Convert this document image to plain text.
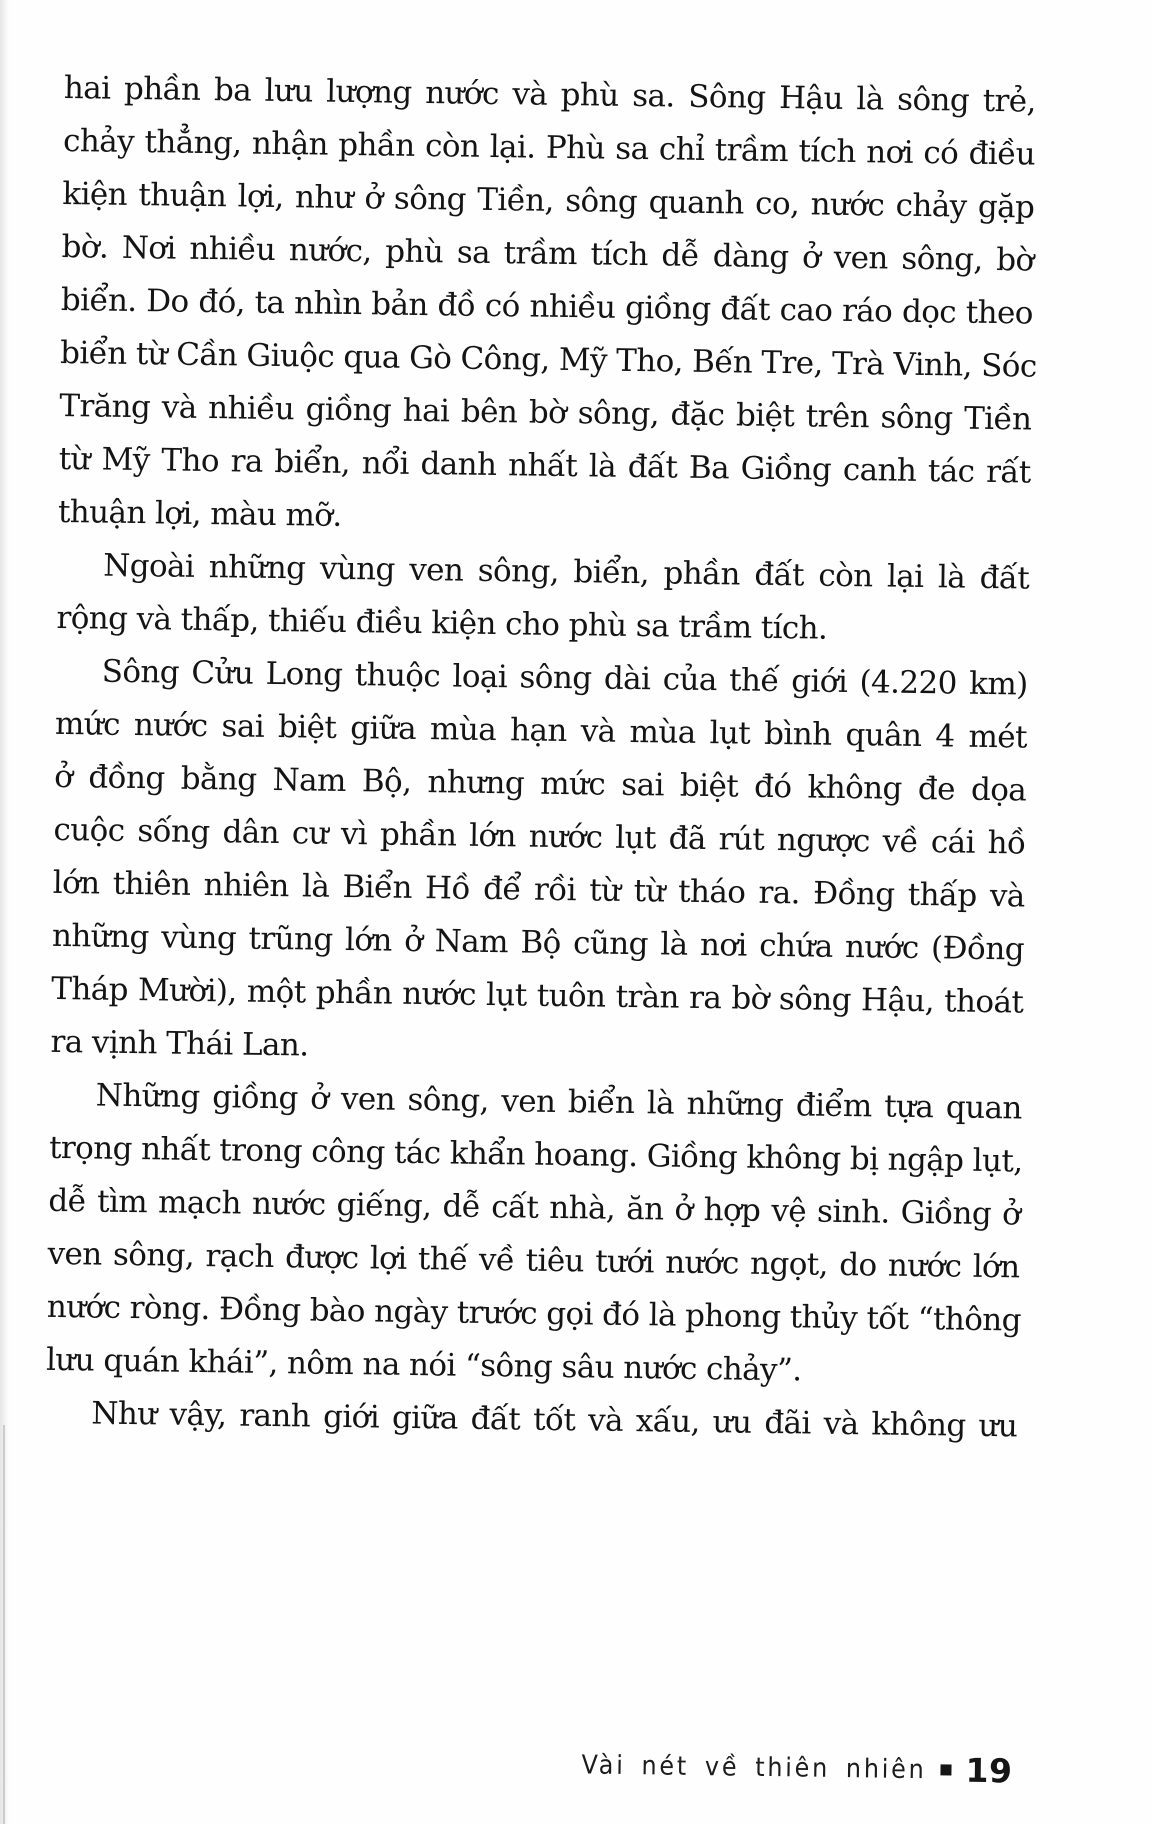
hai phần ba lưu lượng nước và phù sa. Sông Hậu là sông trẻ,
chảy thẳng, nhận phần còn lại. Phù sa chỉ trầm tích nơi có điều
kiện thuận lợi, như ở sông Tiền, sông quanh co, nước chảy gặp
bờ. Nơi nhiều nước, phù sa trầm tích dễ dàng ở ven sông, bờ
biển. Do đó, ta nhìn bản đồ có nhiều giồng đất cao ráo dọc theo
biển từ Cần Giuộc qua Gò Công, Mỹ Tho, Bến Tre, Trà Vinh, Sóc
Trăng và nhiều giồng hai bên bờ sông, đặc biệt trên sông Tiền
từ Mỹ Tho ra biển, nổi danh nhất là đất Ba Giồng canh tác rất
thuận lợi, màu mỡ.
Ngoài những vùng ven sông, biển, phần đất còn lại là đất
rộng và thấp, thiếu điều kiện cho phù sa trầm tích.
Sông Cửu Long thuộc loại sông dài của thế giới (4.220 km)
mức nước sai biệt giữa mùa hạn và mùa lụt bình quân 4 mét
ở đồng bằng Nam Bộ, nhưng mức sai biệt đó không đe dọa
cuộc sống dân cư vì phần lớn nước lụt đã rút ngược về cái hồ
lớn thiên nhiên là Biển Hồ để rồi từ từ tháo ra. Đồng thấp và
những vùng trũng lớn ở Nam Bộ cũng là nơi chứa nước (Đồng
Tháp Mười), một phần nước lụt tuôn tràn ra bờ sông Hậu, thoát
ra vịnh Thái Lan.
Những giồng ở ven sông, ven biển là những điểm tựa quan
trọng nhất trong công tác khẩn hoang. Giồng không bị ngập lụt,
dễ tìm mạch nước giếng, dễ cất nhà, ăn ở hợp vệ sinh. Giồng ở
ven sông, rạch được lợi thế về tiêu tưới nước ngọt, do nước lớn
nước ròng. Đồng bào ngày trước gọi đó là phong thủy tốt “thông
lưu quán khái”, nôm na nói “sông sâu nước chảy”.
Như vậy, ranh giới giữa đất tốt và xấu, ưu đãi và không ưu
Vài nét về thiên nhiên 19
